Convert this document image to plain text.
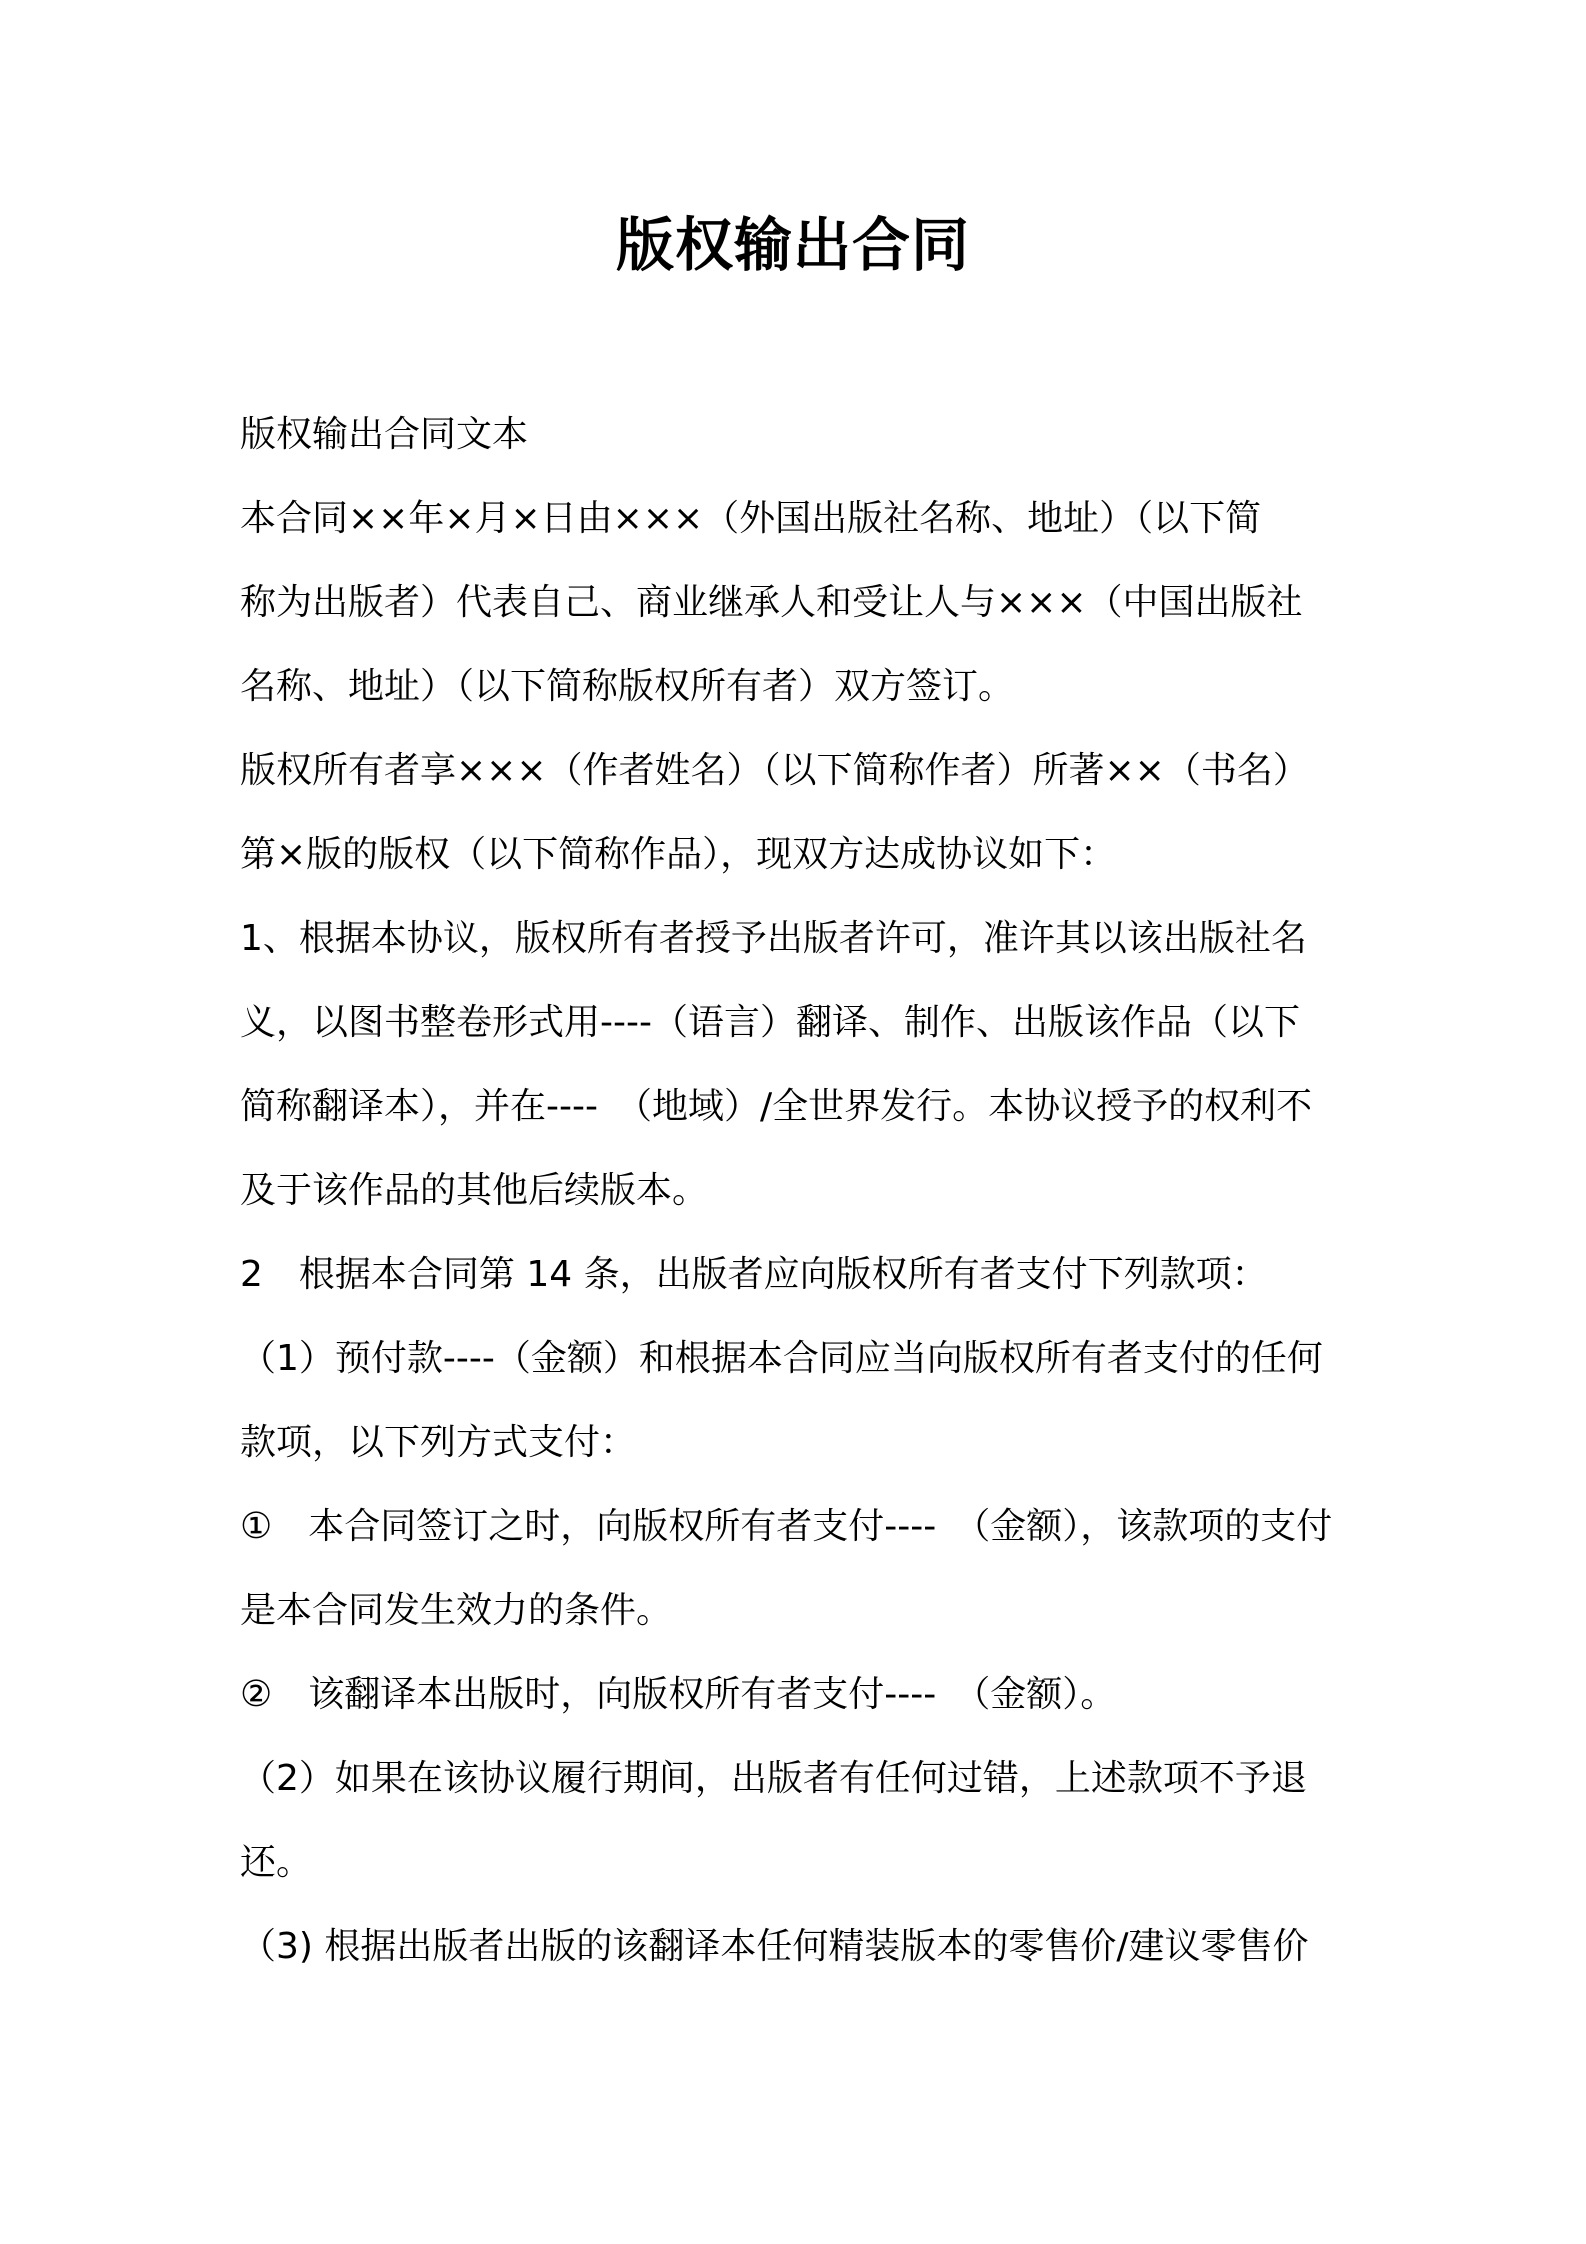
版权输出合同
版权输出合同文本
本合同××年×月×日由×××（外国出版社名称、地址）（以下简
称为出版者）代表自己、商业继承人和受让人与×××（中国出版社
名称、地址）（以下简称版权所有者）双方签订。
版权所有者享×××（作者姓名）（以下简称作者）所著××（书名）
第×版的版权（以下简称作品），现双方达成协议如下：
1、根据本协议，版权所有者授予出版者许可，准许其以该出版社名
义，以图书整卷形式用----（语言）翻译、制作、出版该作品（以下
简称翻译本），并在----　（地域）/全世界发行。本协议授予的权利不
及于该作品的其他后续版本。
2　根据本合同第 14 条，出版者应向版权所有者支付下列款项：
（1）预付款----（金额）和根据本合同应当向版权所有者支付的任何
款项，以下列方式支付：
①　本合同签订之时，向版权所有者支付----　（金额），该款项的支付
是本合同发生效力的条件。
②　该翻译本出版时，向版权所有者支付----　（金额）。
（2）如果在该协议履行期间，出版者有任何过错，上述款项不予退
还。
（3) 根据出版者出版的该翻译本任何精装版本的零售价/建议零售价
